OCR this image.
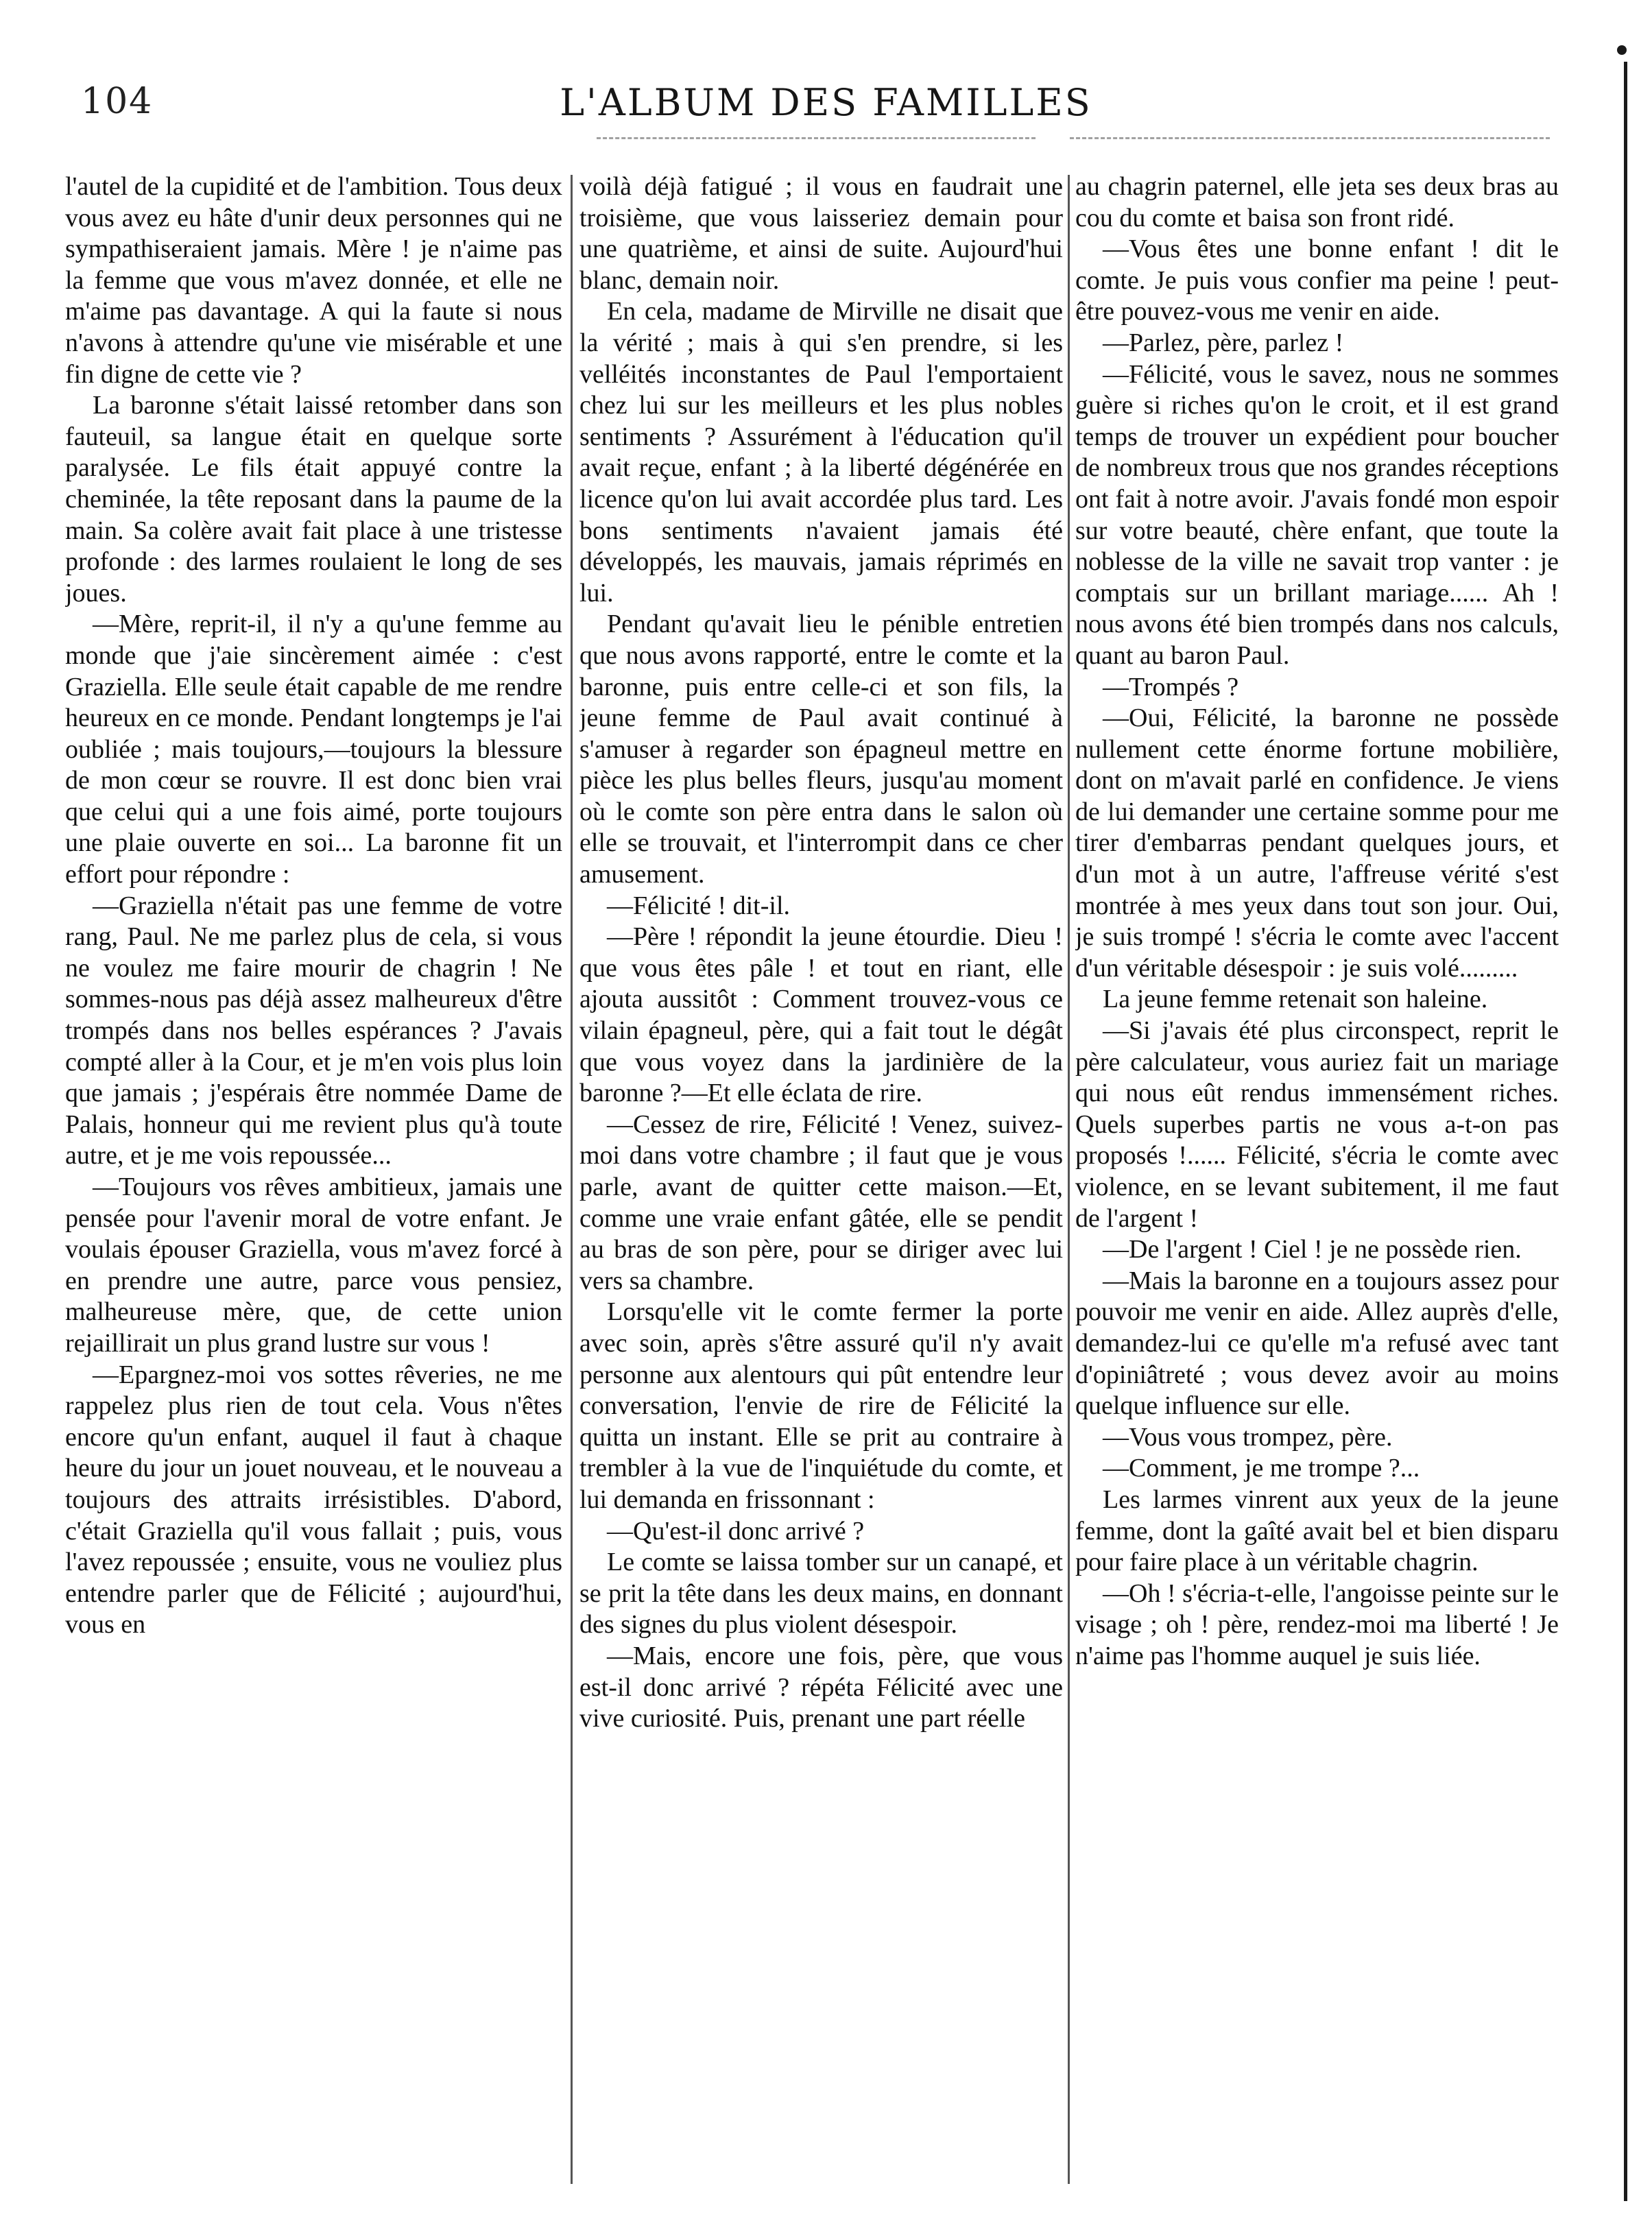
104	L'ALBUM DES FAMILLES

l'autel de la cupidité et de l'ambition. Tous deux vous avez eu hâte d'unir deux personnes qui ne sympathiseraient jamais. Mère ! je n'aime pas la femme que vous m'avez donnée, et elle ne m'aime pas davantage. A qui la faute si nous n'avons à attendre qu'une vie misérable et une fin digne de cette vie ?

La baronne s'était laissé retomber dans son fauteuil, sa langue était en quelque sorte paralysée. Le fils était appuyé contre la cheminée, la tête reposant dans la paume de la main. Sa colère avait fait place à une tristesse profonde : des larmes roulaient le long de ses joues.

—Mère, reprit-il, il n'y a qu'une femme au monde que j'aie sincèrement aimée : c'est Graziella. Elle seule était capable de me rendre heureux en ce monde. Pendant longtemps je l'ai oubliée ; mais toujours,—toujours la blessure de mon cœur se rouvre. Il est donc bien vrai que celui qui a une fois aimé, porte toujours une plaie ouverte en soi... La baronne fit un effort pour répondre :

—Graziella n'était pas une femme de votre rang, Paul. Ne me parlez plus de cela, si vous ne voulez me faire mourir de chagrin ! Ne sommes-nous pas déjà assez malheureux d'être trompés dans nos belles espérances ? J'avais compté aller à la Cour, et je m'en vois plus loin que jamais ; j'espérais être nommée Dame de Palais, honneur qui me revient plus qu'à toute autre, et je me vois repoussée...

—Toujours vos rêves ambitieux, jamais une pensée pour l'avenir moral de votre enfant. Je voulais épouser Graziella, vous m'avez forcé à en prendre une autre, parce vous pensiez, malheureuse mère, que, de cette union rejaillirait un plus grand lustre sur vous !

—Epargnez-moi vos sottes rêveries, ne me rappelez plus rien de tout cela. Vous n'êtes encore qu'un enfant, auquel il faut à chaque heure du jour un jouet nouveau, et le nouveau a toujours des attraits irrésistibles. D'abord, c'était Graziella qu'il vous fallait ; puis, vous l'avez repoussée ; ensuite, vous ne vouliez plus entendre parler que de Félicité ; aujourd'hui, vous en

voilà déjà fatigué ; il vous en faudrait une troisième, que vous laisseriez demain pour une quatrième, et ainsi de suite. Aujourd'hui blanc, demain noir.

En cela, madame de Mirville ne disait que la vérité ; mais à qui s'en prendre, si les velléités inconstantes de Paul l'emportaient chez lui sur les meilleurs et les plus nobles sentiments ? Assurément à l'éducation qu'il avait reçue, enfant ; à la liberté dégénérée en licence qu'on lui avait accordée plus tard. Les bons sentiments n'avaient jamais été développés, les mauvais, jamais réprimés en lui.

Pendant qu'avait lieu le pénible entretien que nous avons rapporté, entre le comte et la baronne, puis entre celle-ci et son fils, la jeune femme de Paul avait continué à s'amuser à regarder son épagneul mettre en pièce les plus belles fleurs, jusqu'au moment où le comte son père entra dans le salon où elle se trouvait, et l'interrompit dans ce cher amusement.

—Félicité ! dit-il.

—Père ! répondit la jeune étourdie. Dieu ! que vous êtes pâle ! et tout en riant, elle ajouta aussitôt : Comment trouvez-vous ce vilain épagneul, père, qui a fait tout le dégât que vous voyez dans la jardinière de la baronne ?—Et elle éclata de rire.

—Cessez de rire, Félicité ! Venez, suivez-moi dans votre chambre ; il faut que je vous parle, avant de quitter cette maison.—Et, comme une vraie enfant gâtée, elle se pendit au bras de son père, pour se diriger avec lui vers sa chambre.

Lorsqu'elle vit le comte fermer la porte avec soin, après s'être assuré qu'il n'y avait personne aux alentours qui pût entendre leur conversation, l'envie de rire de Félicité la quitta un instant. Elle se prit au contraire à trembler à la vue de l'inquiétude du comte, et lui demanda en frissonnant :

—Qu'est-il donc arrivé ?

Le comte se laissa tomber sur un canapé, et se prit la tête dans les deux mains, en donnant des signes du plus violent désespoir.

—Mais, encore une fois, père, que vous est-il donc arrivé ? répéta Félicité avec une vive curiosité. Puis, prenant une part réelle

au chagrin paternel, elle jeta ses deux bras au cou du comte et baisa son front ridé.

—Vous êtes une bonne enfant ! dit le comte. Je puis vous confier ma peine ! peut-être pouvez-vous me venir en aide.

—Parlez, père, parlez !

—Félicité, vous le savez, nous ne sommes guère si riches qu'on le croit, et il est grand temps de trouver un expédient pour boucher de nombreux trous que nos grandes réceptions ont fait à notre avoir. J'avais fondé mon espoir sur votre beauté, chère enfant, que toute la noblesse de la ville ne savait trop vanter : je comptais sur un brillant mariage...... Ah ! nous avons été bien trompés dans nos calculs, quant au baron Paul.

—Trompés ?

—Oui, Félicité, la baronne ne possède nullement cette énorme fortune mobilière, dont on m'avait parlé en confidence. Je viens de lui demander une certaine somme pour me tirer d'embarras pendant quelques jours, et d'un mot à un autre, l'affreuse vérité s'est montrée à mes yeux dans tout son jour. Oui, je suis trompé ! s'écria le comte avec l'accent d'un véritable désespoir : je suis volé.........

La jeune femme retenait son haleine.

—Si j'avais été plus circonspect, reprit le père calculateur, vous auriez fait un mariage qui nous eût rendus immensément riches. Quels superbes partis ne vous a-t-on pas proposés !...... Félicité, s'écria le comte avec violence, en se levant subitement, il me faut de l'argent !

—De l'argent ! Ciel ! je ne possède rien.

—Mais la baronne en a toujours assez pour pouvoir me venir en aide. Allez auprès d'elle, demandez-lui ce qu'elle m'a refusé avec tant d'opiniâtreté ; vous devez avoir au moins quelque influence sur elle.

—Vous vous trompez, père.

—Comment, je me trompe ?...

Les larmes vinrent aux yeux de la jeune femme, dont la gaîté avait bel et bien disparu pour faire place à un véritable chagrin.

—Oh ! s'écria-t-elle, l'angoisse peinte sur le visage ; oh ! père, rendez-moi ma liberté ! Je n'aime pas l'homme auquel je suis liée.
